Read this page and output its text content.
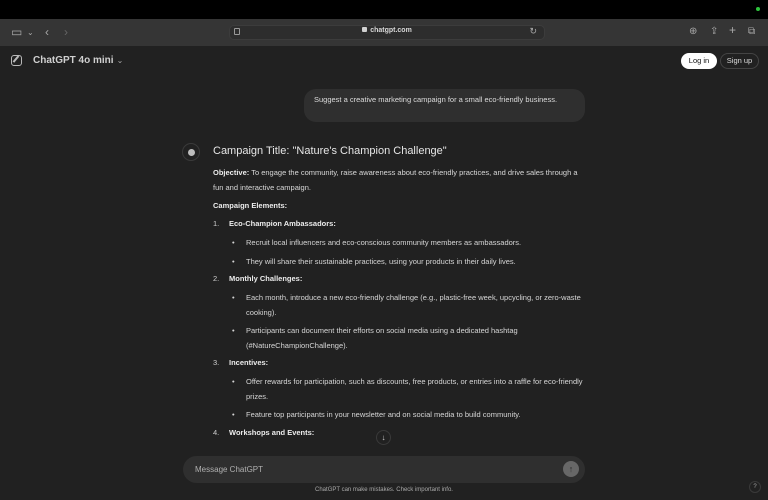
▭ ⌄ ‹ ›	chatgpt.com	↻	⊕ ⇪ + ⧉
ChatGPT 4o mini ⌄	Log in	Sign up
Suggest a creative marketing campaign for a small eco-friendly business.
Campaign Title: "Nature's Champion Challenge"

Objective: To engage the community, raise awareness about eco-friendly practices, and drive sales through a fun and interactive campaign.

Campaign Elements:
1. Eco-Champion Ambassadors:
• Recruit local influencers and eco-conscious community members as ambassadors.
• They will share their sustainable practices, using your products in their daily lives.
2. Monthly Challenges:
• Each month, introduce a new eco-friendly challenge (e.g., plastic-free week, upcycling, or zero-waste cooking).
• Participants can document their efforts on social media using a dedicated hashtag (#NatureChampionChallenge).
3. Incentives:
• Offer rewards for participation, such as discounts, free products, or entries into a raffle for eco-friendly prizes.
• Feature top participants in your newsletter and on social media to build community.
4. Workshops and Events:
↓
Message ChatGPT
↑
ChatGPT can make mistakes. Check important info.	?
